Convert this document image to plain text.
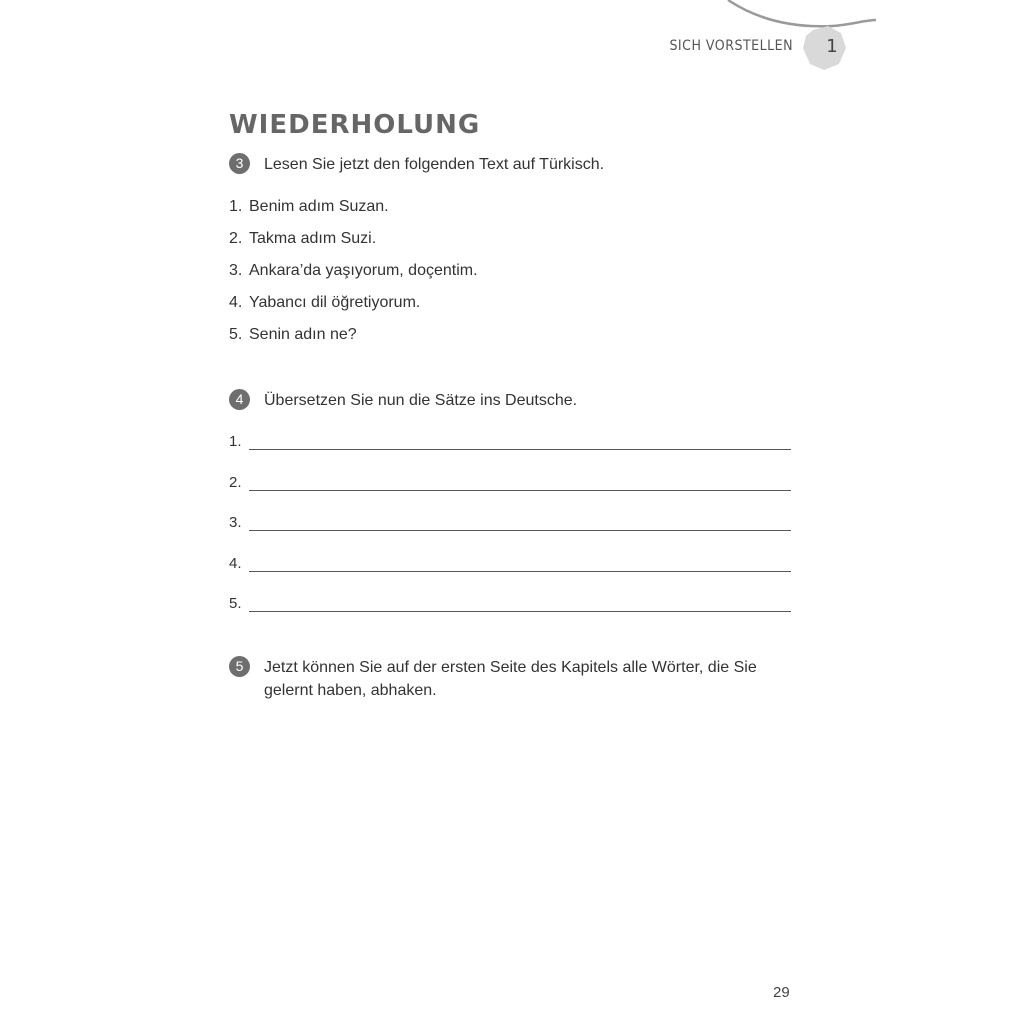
SICH VORSTELLEN 1
WIEDERHOLUNG
3	Lesen Sie jetzt den folgenden Text auf Türkisch.
1. Benim adım Suzan.
2. Takma adım Suzi.
3. Ankara’da yaşıyorum, doçentim.
4. Yabancı dil öğretiyorum.
5. Senin adın ne?
4	Übersetzen Sie nun die Sätze ins Deutsche.
1.
2.
3.
4.
5.
5	Jetzt können Sie auf der ersten Seite des Kapitels alle Wörter, die Sie gelernt haben, abhaken.
29
